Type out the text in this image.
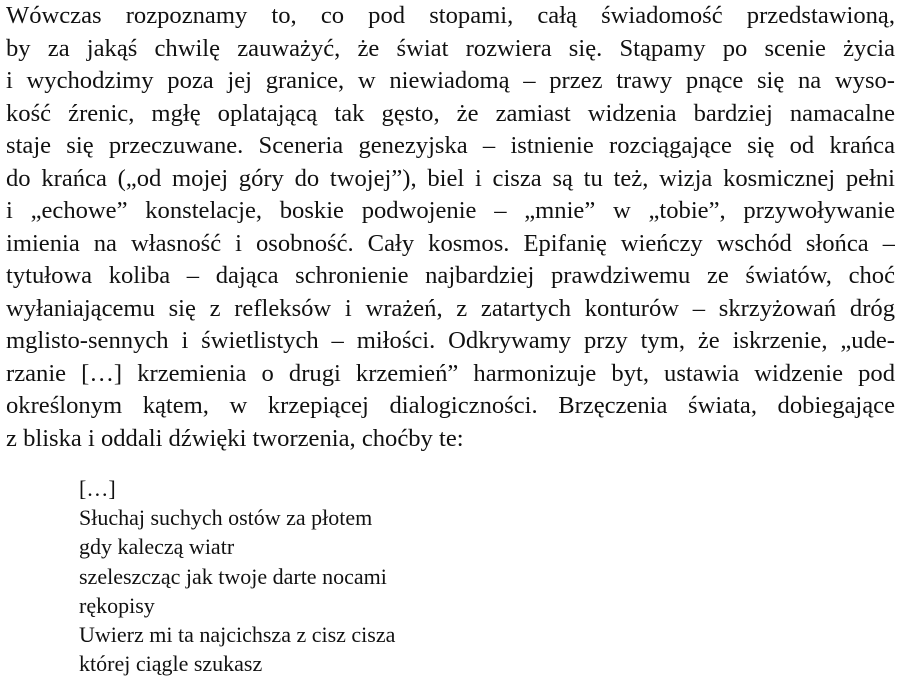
Wówczas rozpoznamy to, co pod stopami, całą świadomość przedstawioną,
by za jakąś chwilę zauważyć, że świat rozwiera się. Stąpamy po scenie życia
i wychodzimy poza jej granice, w niewiadomą – przez trawy pnące się na wyso-
kość źrenic, mgłę oplatającą tak gęsto, że zamiast widzenia bardziej namacalne
staje się przeczuwane. Sceneria genezyjska – istnienie rozciągające się od krańca
do krańca („od mojej góry do twojej”), biel i cisza są tu też, wizja kosmicznej pełni
i „echowe” konstelacje, boskie podwojenie – „mnie” w „tobie”, przywoływanie
imienia na własność i osobność. Cały kosmos. Epifanię wieńczy wschód słońca –
tytułowa koliba – dająca schronienie najbardziej prawdziwemu ze światów, choć
wyłaniającemu się z refleksów i wrażeń, z zatartych konturów – skrzyżowań dróg
mglisto-sennych i świetlistych – miłości. Odkrywamy przy tym, że iskrzenie, „ude-
rzanie […] krzemienia o drugi krzemień” harmonizuje byt, ustawia widzenie pod
określonym kątem, w krzepiącej dialogiczności. Brzęczenia świata, dobiegające
z bliska i oddali dźwięki tworzenia, choćby te:
[…]
Słuchaj suchych ostów za płotem
gdy kaleczą wiatr
szeleszcząc jak twoje darte nocami
rękopisy
Uwierz mi ta najcichsza z cisz cisza
której ciągle szukasz
